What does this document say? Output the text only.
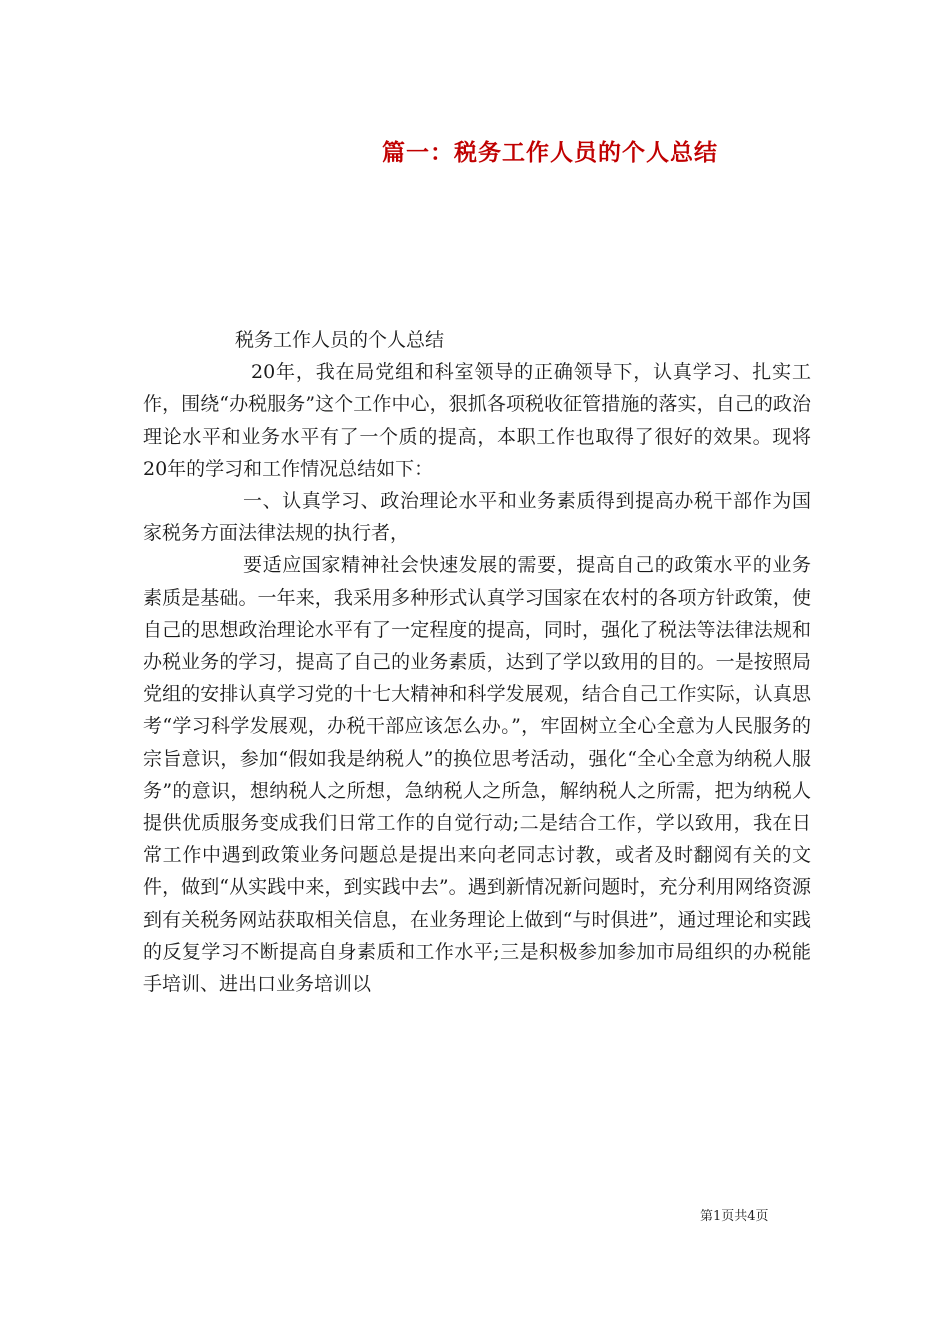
篇一：税务工作人员的个人总结

税务工作人员的个人总结

20年，我在局党组和科室领导的正确领导下，认真学习、扎实工作，围绕“办税服务”这个工作中心，狠抓各项税收征管措施的落实，自己的政治理论水平和业务水平有了一个质的提高，本职工作也取得了很好的效果。现将20年的学习和工作情况总结如下：

一、认真学习、政治理论水平和业务素质得到提高办税干部作为国家税务方面法律法规的执行者，

要适应国家精神社会快速发展的需要，提高自己的政策水平的业务素质是基础。一年来，我采用多种形式认真学习国家在农村的各项方针政策，使自己的思想政治理论水平有了一定程度的提高，同时，强化了税法等法律法规和办税业务的学习，提高了自己的业务素质，达到了学以致用的目的。一是按照局党组的安排认真学习党的十七大精神和科学发展观，结合自己工作实际，认真思考“学习科学发展观，办税干部应该怎么办。”，牢固树立全心全意为人民服务的宗旨意识，参加“假如我是纳税人”的换位思考活动，强化“全心全意为纳税人服务”的意识，想纳税人之所想，急纳税人之所急，解纳税人之所需，把为纳税人提供优质服务变成我们日常工作的自觉行动;二是结合工作，学以致用，我在日常工作中遇到政策业务问题总是提出来向老同志讨教，或者及时翻阅有关的文件，做到“从实践中来，到实践中去”。遇到新情况新问题时，充分利用网络资源到有关税务网站获取相关信息，在业务理论上做到“与时俱进”，通过理论和实践的反复学习不断提高自身素质和工作水平;三是积极参加参加市局组织的办税能手培训、进出口业务培训以

第1页共4页
